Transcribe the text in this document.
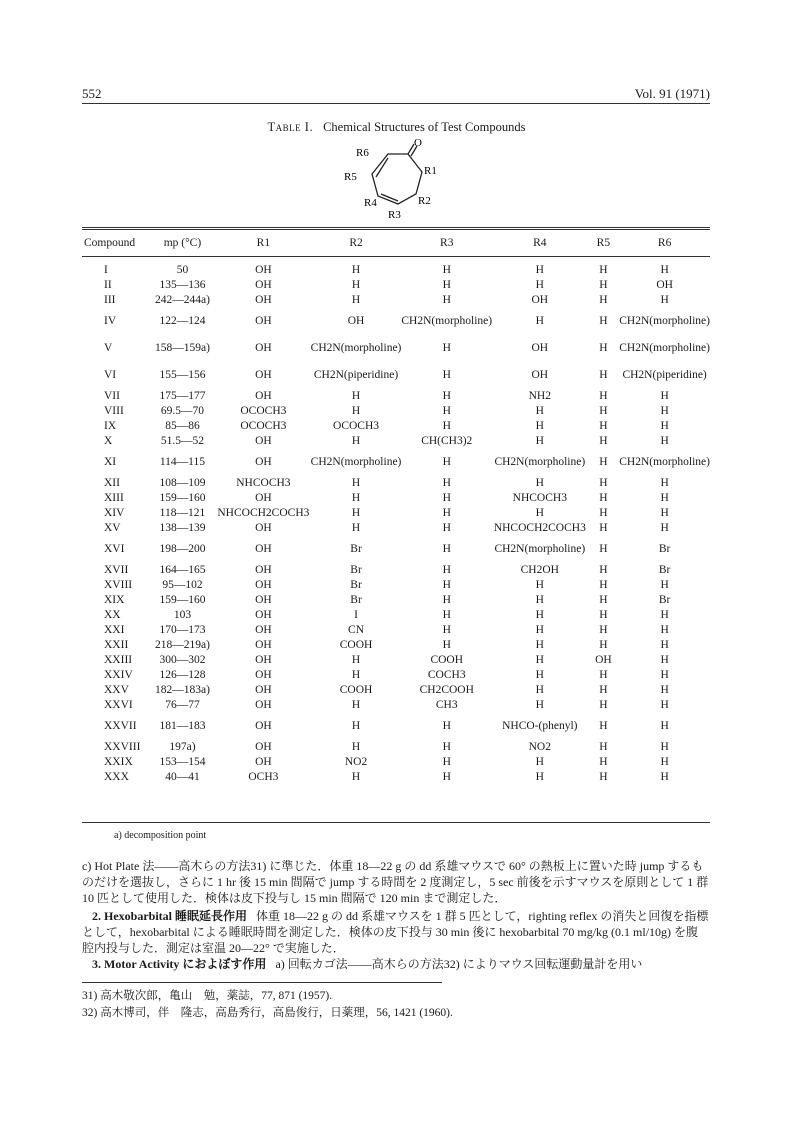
552	Vol. 91 (1971)
Table I. Chemical Structures of Test Compounds
R6
O
R5	R1
R4	R2
R3
Compound	mp (°C)	R1	R2	R3	R4	R5	R6
I	50	OH	H	H	H	H	H
II	135—136	OH	H	H	H	H	OH
III	242—244a)	OH	H	H	OH	H	H
IV	122—124	OH	OH	CH2N(morpholine)	H	H	CH2N(morpholine)
V	158—159a)	OH	CH2N(morpholine)	H	OH	H	CH2N(morpholine)
VI	155—156	OH	CH2N(piperidine)	H	OH	H	CH2N(piperidine)
VII	175—177	OH	H	H	NH2	H	H
VIII	69.5—70	OCOCH3	H	H	H	H	H
IX	85—86	OCOCH3	OCOCH3	H	H	H	H
X	51.5—52	OH	H	CH(CH3)2	H	H	H
XI	114—115	OH	CH2N(morpholine)	H	CH2N(morpholine)	H	CH2N(morpholine)
XII	108—109	NHCOCH3	H	H	H	H	H
XIII	159—160	OH	H	H	NHCOCH3	H	H
XIV	118—121	NHCOCH2COCH3	H	H	H	H	H
XV	138—139	OH	H	H	NHCOCH2COCH3	H	H
XVI	198—200	OH	Br	H	CH2N(morpholine)	H	Br
XVII	164—165	OH	Br	H	CH2OH	H	Br
XVIII	95—102	OH	Br	H	H	H	H
XIX	159—160	OH	Br	H	H	H	Br
XX	103	OH	I	H	H	H	H
XXI	170—173	OH	CN	H	H	H	H
XXII	218—219a)	OH	COOH	H	H	H	H
XXIII	300—302	OH	H	COOH	H	OH	H
XXIV	126—128	OH	H	COCH3	H	H	H
XXV	182—183a)	OH	COOH	CH2COOH	H	H	H
XXVI	76—77	OH	H	CH3	H	H	H
XXVII	181—183	OH	H	H	NHCO-(phenyl)	H	H
XXVIII	197a)	OH	H	H	NO2	H	H
XXIX	153—154	OH	NO2	H	H	H	H
XXX	40—41	OCH3	H	H	H	H	H
a) decomposition point
c) Hot Plate 法——高木らの方法31) に準じた．体重 18—22 g の dd 系雄マウスで 60° の熱板上に置いた時 jump するものだけを選抜し，さらに 1 hr 後 15 min 間隔で jump する時間を 2 度測定し，5 sec 前後を示すマウスを原則として 1 群 10 匹として使用した．検体は皮下投与し 15 min 間隔で 120 min まで測定した．
2. Hexobarbital 睡眠延長作用 体重 18—22 g の dd 系雄マウスを 1 群 5 匹として，righting reflex の消失と回復を指標として，hexobarbital による睡眠時間を測定した．検体の皮下投与 30 min 後に hexobarbital 70 mg/kg (0.1 ml/10g) を腹腔内投与した．測定は室温 20—22° で実施した．
3. Motor Activity におよぼす作用 a) 回転カゴ法——高木らの方法32) によりマウス回転運動量計を用い
31) 高木敬次郎，亀山　勉，薬誌，77, 871 (1957).
32) 高木博司，伴　隆志，高島秀行，高島俊行，日薬理，56, 1421 (1960).
